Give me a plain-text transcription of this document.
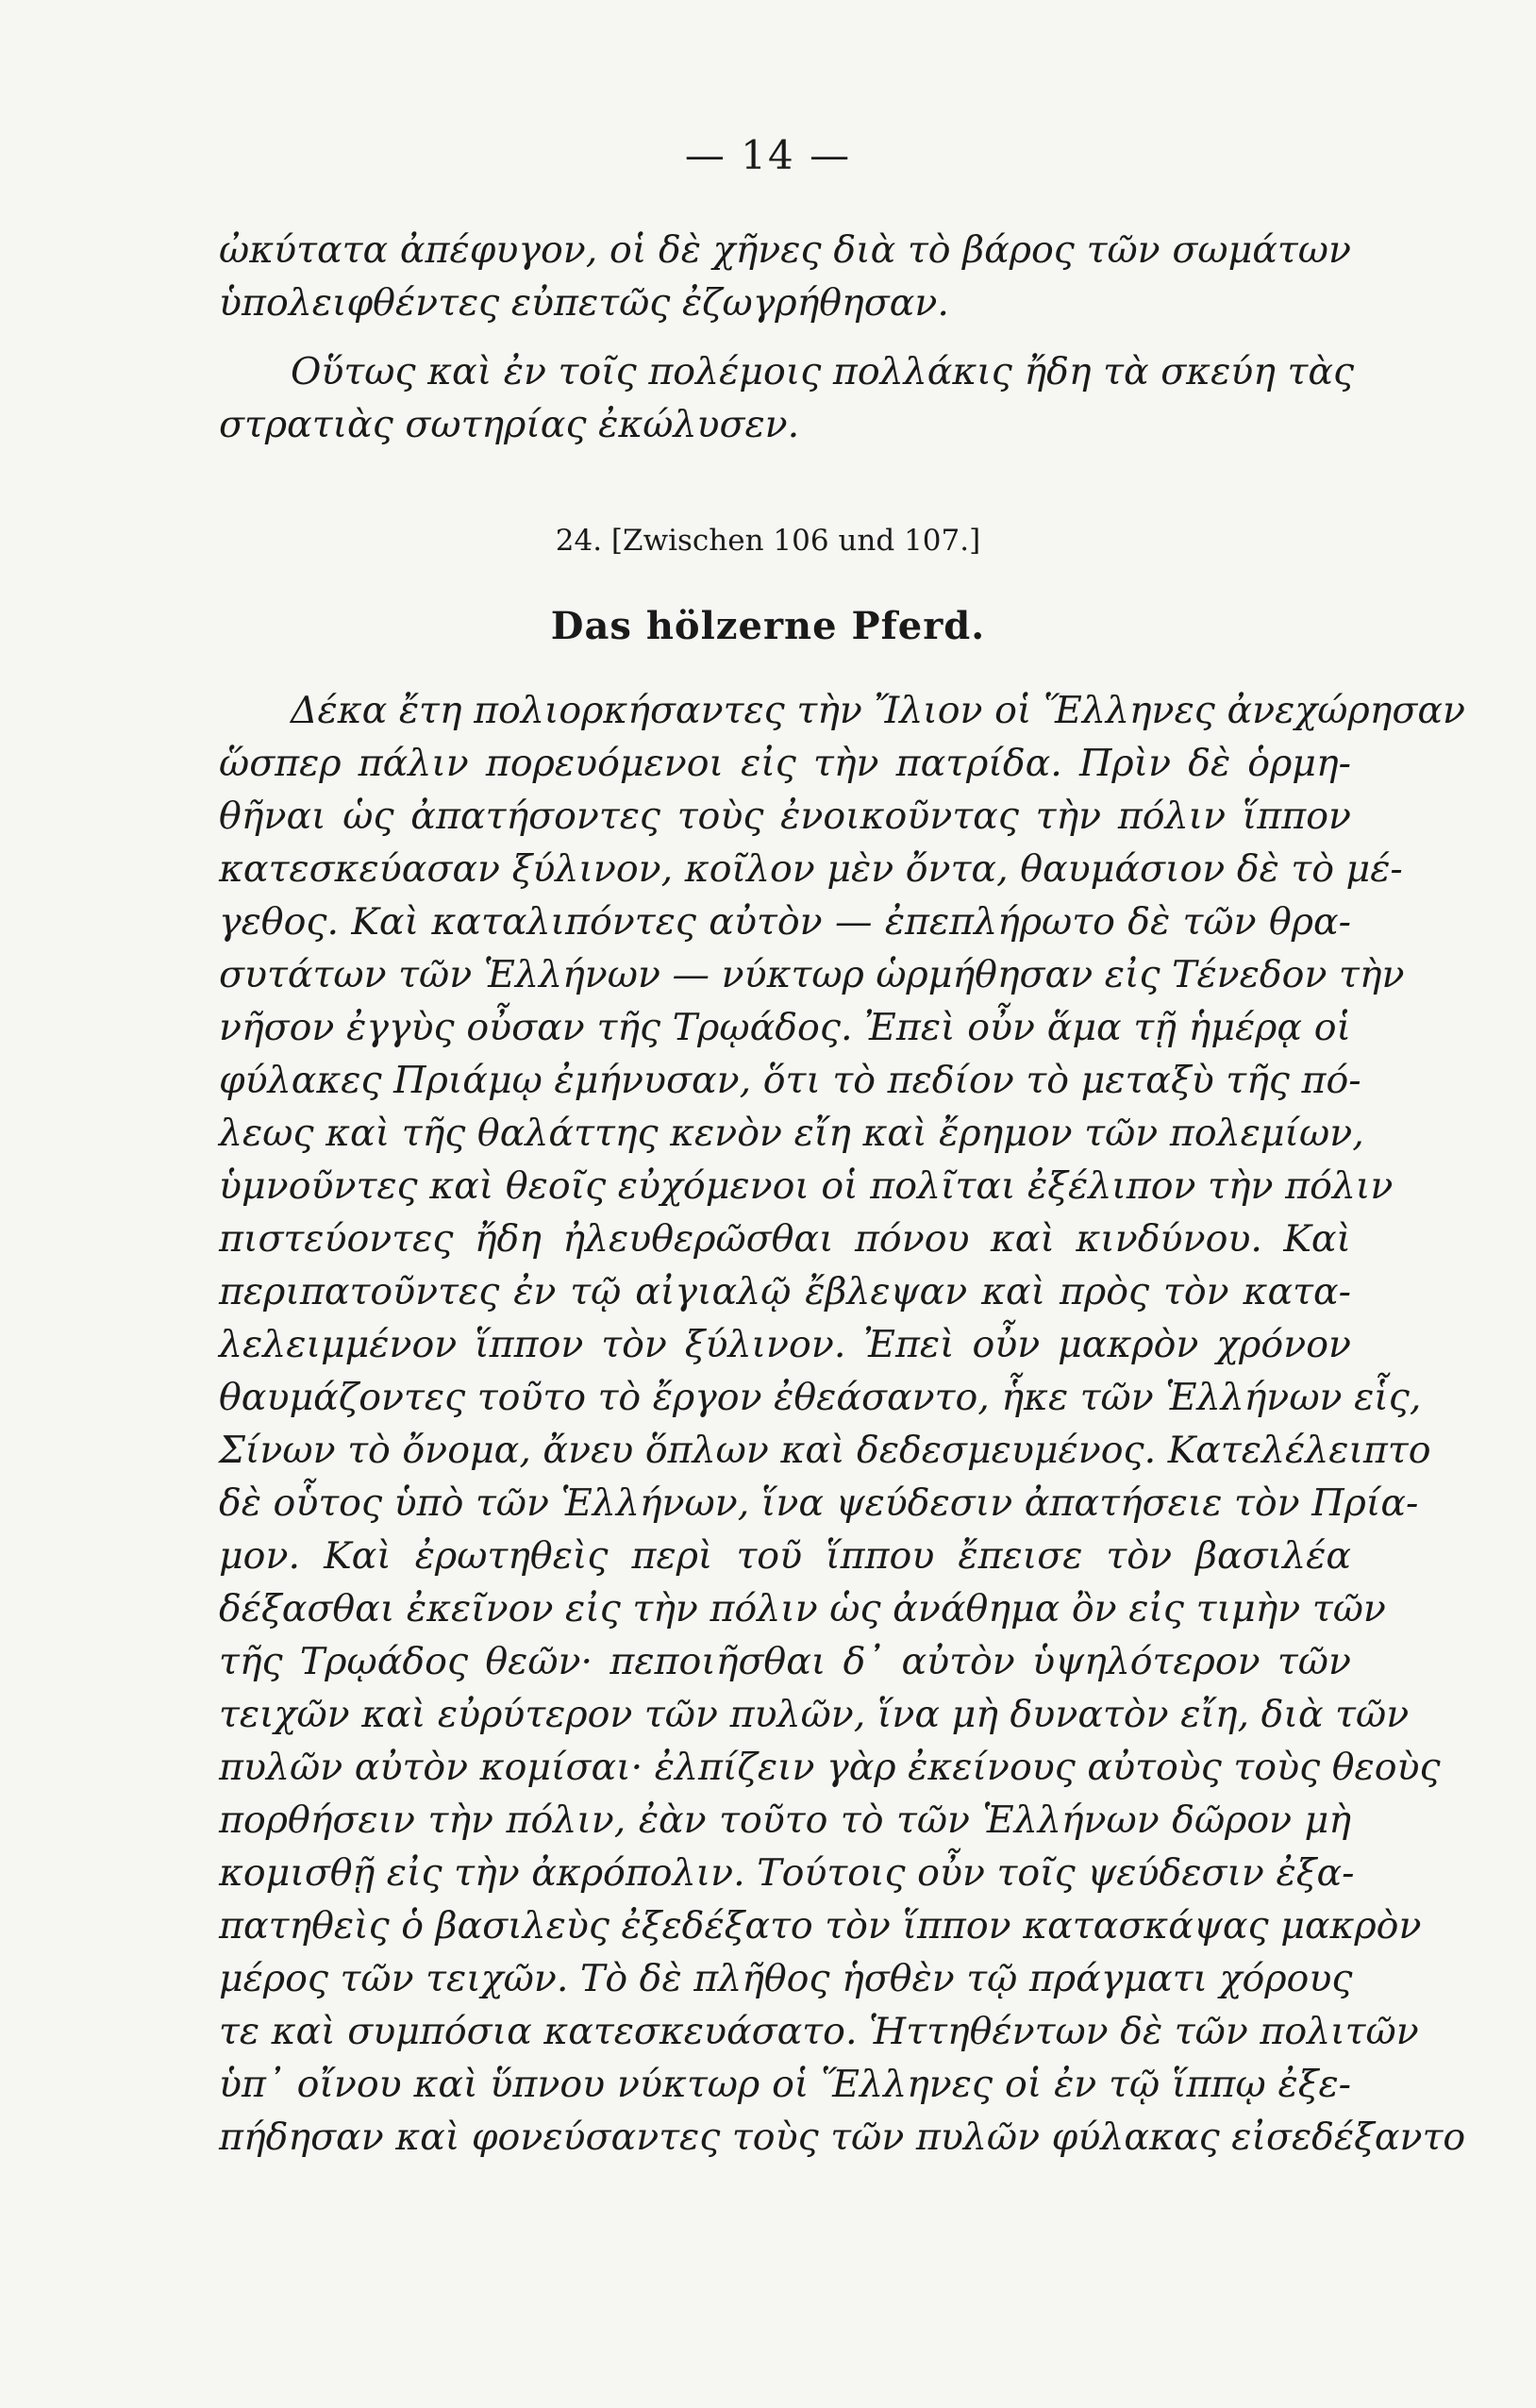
— 14 —
ὠκύτατα ἀπέφυγον, οἱ δὲ χῆνες διὰ τὸ βάρος τῶν σωμάτων
ὑπολειφθέντες εὐπετῶς ἐζωγρήθησαν.
Οὕτως καὶ ἐν τοῖς πολέμοις πολλάκις ἤδη τὰ σκεύη τὰς
στρατιὰς σωτηρίας ἐκώλυσεν.
24. [Zwischen 106 und 107.]
Das hölzerne Pferd.
Δέκα ἔτη πολιορκήσαντες τὴν Ἴλιον οἱ Ἕλληνες ἀνεχώρησαν
ὥσπερ πάλιν πορευόμενοι εἰς τὴν πατρίδα. Πρὶν δὲ ὁρμη-
θῆναι ὡς ἀπατήσοντες τοὺς ἐνοικοῦντας τὴν πόλιν ἵππον
κατεσκεύασαν ξύλινον, κοῖλον μὲν ὄντα, θαυμάσιον δὲ τὸ μέ-
γεθος. Καὶ καταλιπόντες αὐτὸν — ἐπεπλήρωτο δὲ τῶν θρα-
συτάτων τῶν Ἑλλήνων — νύκτωρ ὡρμήθησαν εἰς Τένεδον τὴν
νῆσον ἐγγὺς οὖσαν τῆς Τρῳάδος. Ἐπεὶ οὖν ἅμα τῇ ἡμέρᾳ οἱ
φύλακες Πριάμῳ ἐμήνυσαν, ὅτι τὸ πεδίον τὸ μεταξὺ τῆς πό-
λεως καὶ τῆς θαλάττης κενὸν εἴη καὶ ἔρημον τῶν πολεμίων,
ὑμνοῦντες καὶ θεοῖς εὐχόμενοι οἱ πολῖται ἐξέλιπον τὴν πόλιν
πιστεύοντες ἤδη ἠλευθερῶσθαι πόνου καὶ κινδύνου. Καὶ
περιπατοῦντες ἐν τῷ αἰγιαλῷ ἔβλεψαν καὶ πρὸς τὸν κατα-
λελειμμένον ἵππον τὸν ξύλινον. Ἐπεὶ οὖν μακρὸν χρόνον
θαυμάζοντες τοῦτο τὸ ἔργον ἐθεάσαντο, ἧκε τῶν Ἑλλήνων εἷς,
Σίνων τὸ ὄνομα, ἄνευ ὅπλων καὶ δεδεσμευμένος. Κατελέλειπτο
δὲ οὗτος ὑπὸ τῶν Ἑλλήνων, ἵνα ψεύδεσιν ἀπατήσειε τὸν Πρία-
μον. Καὶ ἐρωτηθεὶς περὶ τοῦ ἵππου ἔπεισε τὸν βασιλέα
δέξασθαι ἐκεῖνον εἰς τὴν πόλιν ὡς ἀνάθημα ὂν εἰς τιμὴν τῶν
τῆς Τρῳάδος θεῶν· πεποιῆσθαι δ᾽ αὐτὸν ὑψηλότερον τῶν
τειχῶν καὶ εὐρύτερον τῶν πυλῶν, ἵνα μὴ δυνατὸν εἴη, διὰ τῶν
πυλῶν αὐτὸν κομίσαι· ἐλπίζειν γὰρ ἐκείνους αὐτοὺς τοὺς θεοὺς
πορθήσειν τὴν πόλιν, ἐὰν τοῦτο τὸ τῶν Ἑλλήνων δῶρον μὴ
κομισθῇ εἰς τὴν ἀκρόπολιν. Τούτοις οὖν τοῖς ψεύδεσιν ἐξα-
πατηθεὶς ὁ βασιλεὺς ἐξεδέξατο τὸν ἵππον κατασκάψας μακρὸν
μέρος τῶν τειχῶν. Τὸ δὲ πλῆθος ἡσθὲν τῷ πράγματι χόρους
τε καὶ συμπόσια κατεσκευάσατο. Ἡττηθέντων δὲ τῶν πολιτῶν
ὑπ᾽ οἴνου καὶ ὕπνου νύκτωρ οἱ Ἕλληνες οἱ ἐν τῷ ἵππῳ ἐξε-
πήδησαν καὶ φονεύσαντες τοὺς τῶν πυλῶν φύλακας εἰσεδέξαντο
